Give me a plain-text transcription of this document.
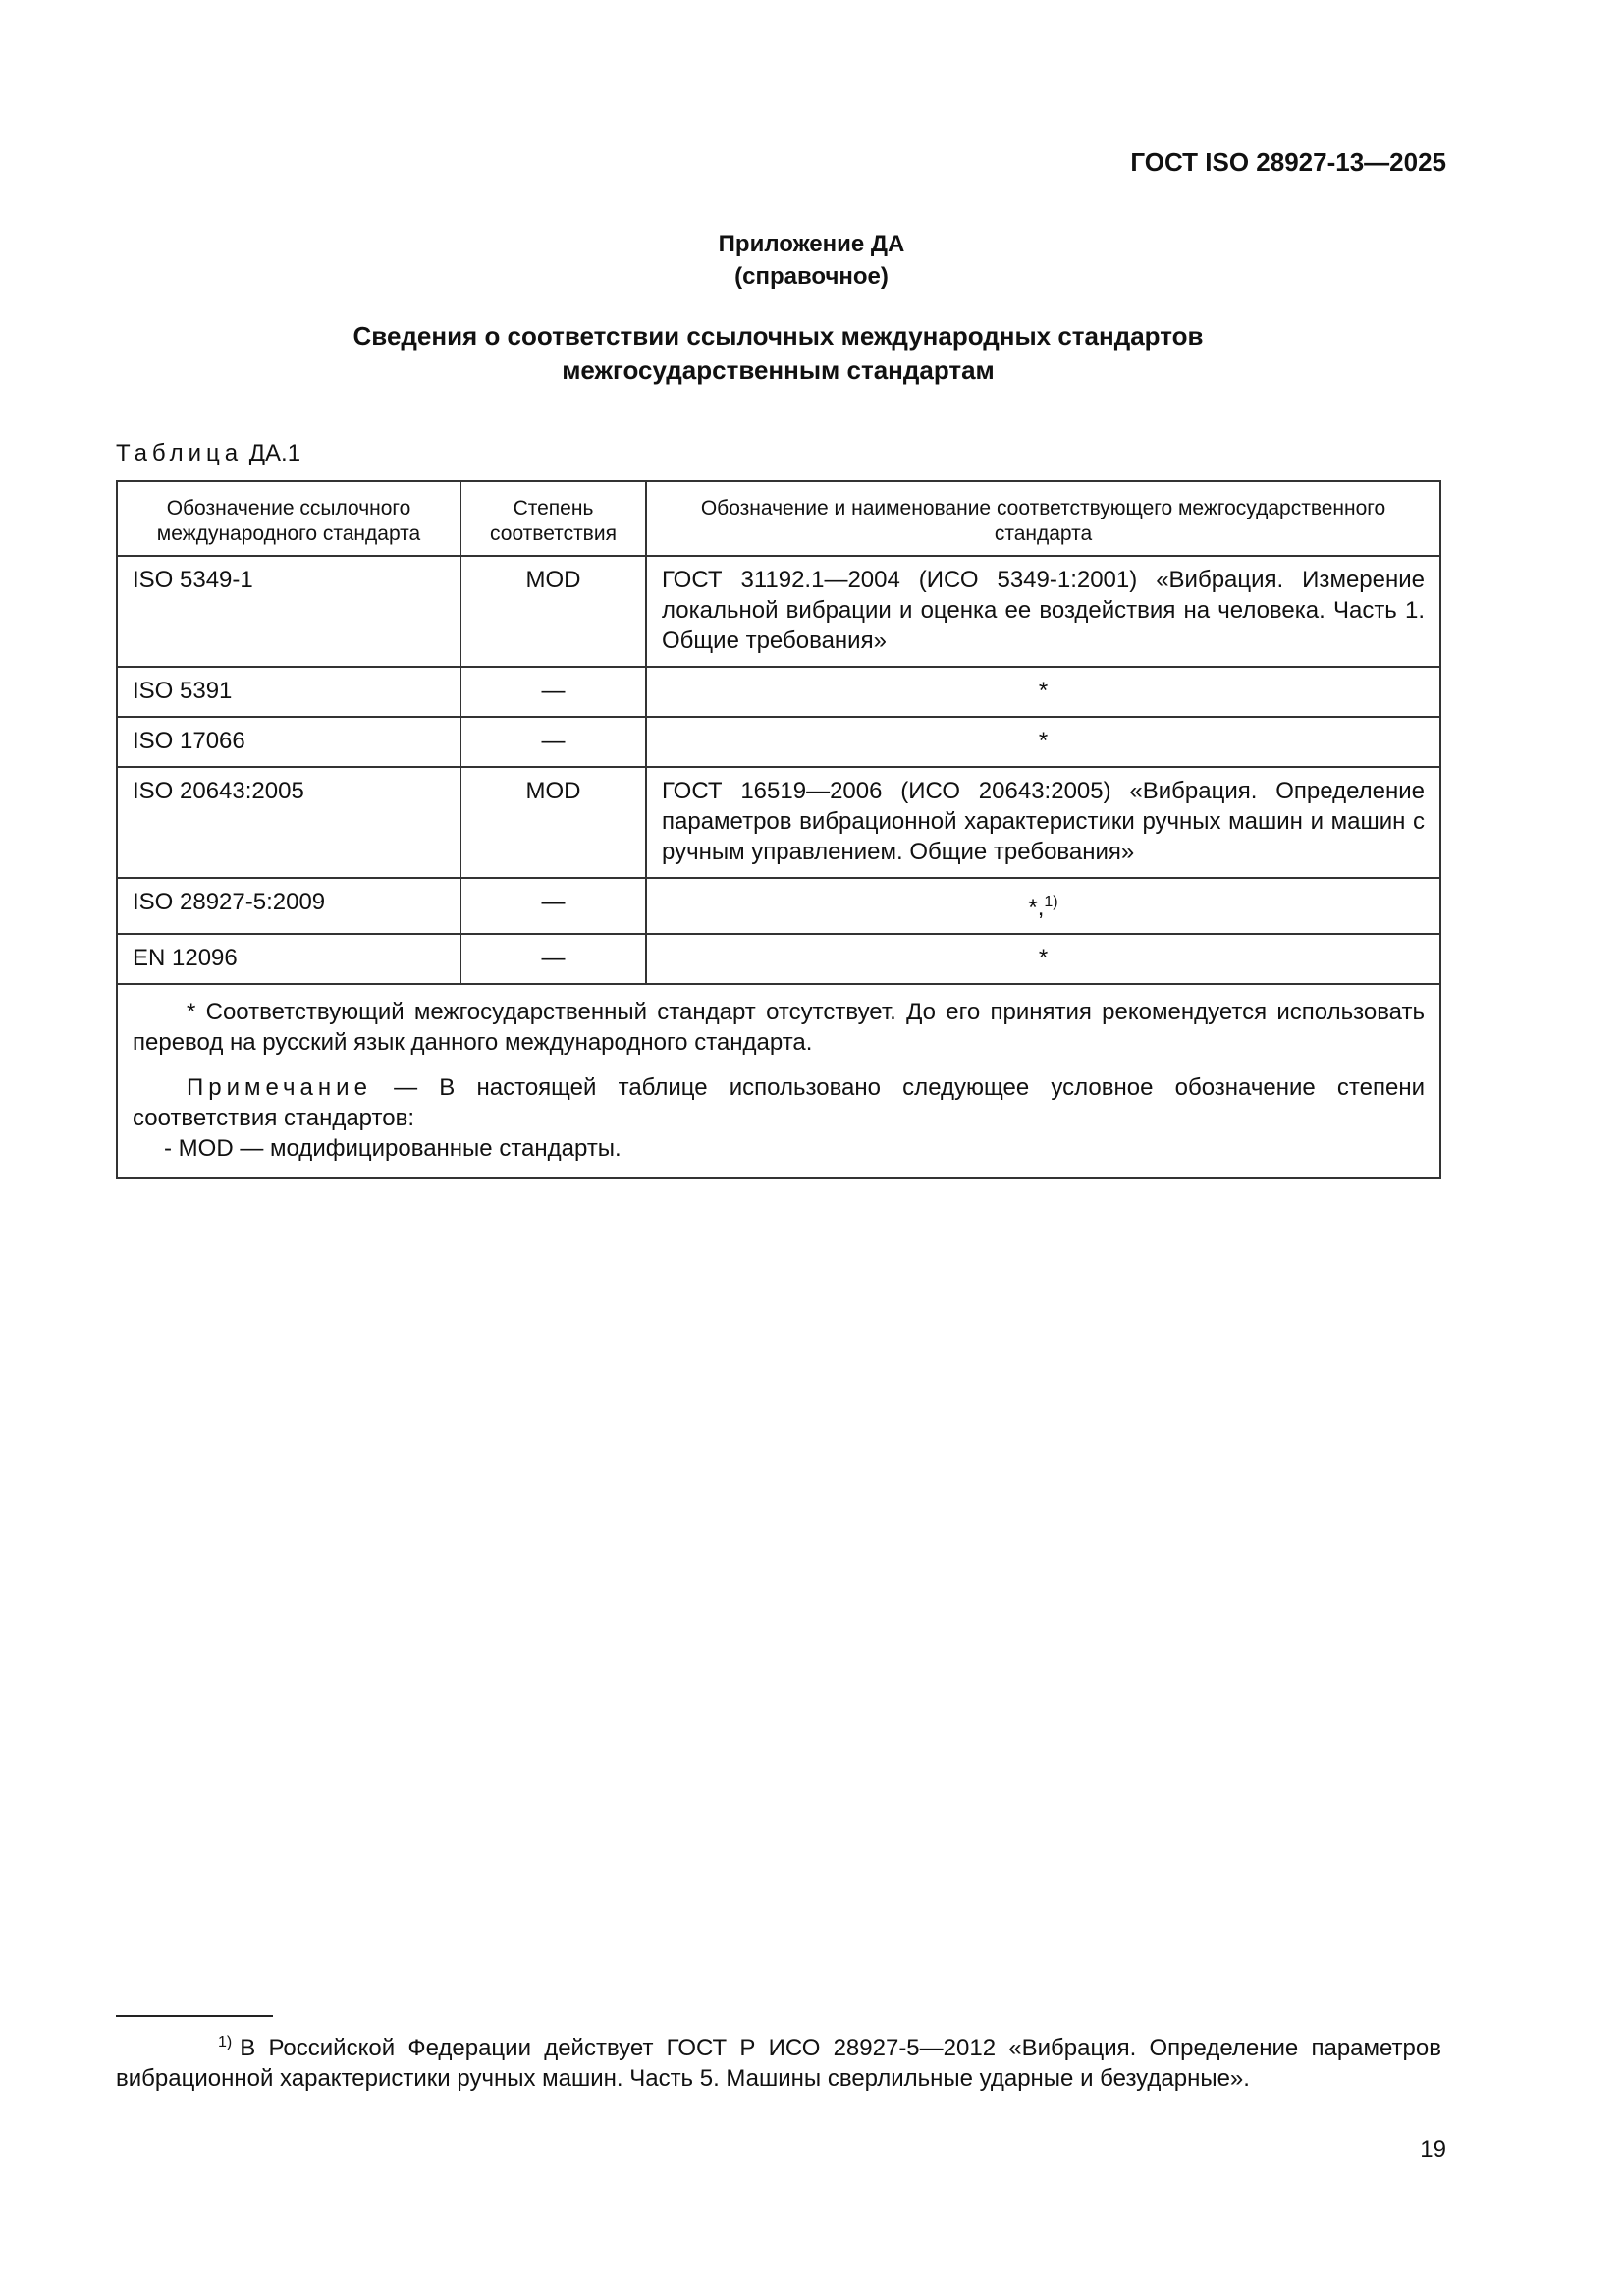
ГОСТ ISO 28927-13—2025
Приложение ДА
(справочное)
Сведения о соответствии ссылочных международных стандартов
межгосударственным стандартам
Таблица ДА.1
Обозначение ссылочного международного стандарта	Степень соответствия	Обозначение и наименование соответствующего межгосударственного стандарта
ISO 5349-1	MOD	ГОСТ 31192.1—2004 (ИСО 5349-1:2001) «Вибрация. Измерение локальной вибрации и оценка ее воздействия на человека. Часть 1. Общие требования»
ISO 5391	—	*
ISO 17066	—	*
ISO 20643:2005	MOD	ГОСТ 16519—2006 (ИСО 20643:2005) «Вибрация. Определение параметров вибрационной характеристики ручных машин и машин с ручным управлением. Общие требования»
ISO 28927-5:2009	—	*,$^{1)}$
EN 12096	—	*

* Соответствующий межгосударственный стандарт отсутствует. До его принятия рекомендуется использовать перевод на русский язык данного международного стандарта.

Примечание — В настоящей таблице использовано следующее условное обозначение степени соответствия стандартов:

- MOD — модифицированные стандарты.		

$^{1)}$ В Российской Федерации действует ГОСТ Р ИСО 28927-5—2012 «Вибрация. Определение параметров вибрационной характеристики ручных машин. Часть 5. Машины сверлильные ударные и безударные».
19
